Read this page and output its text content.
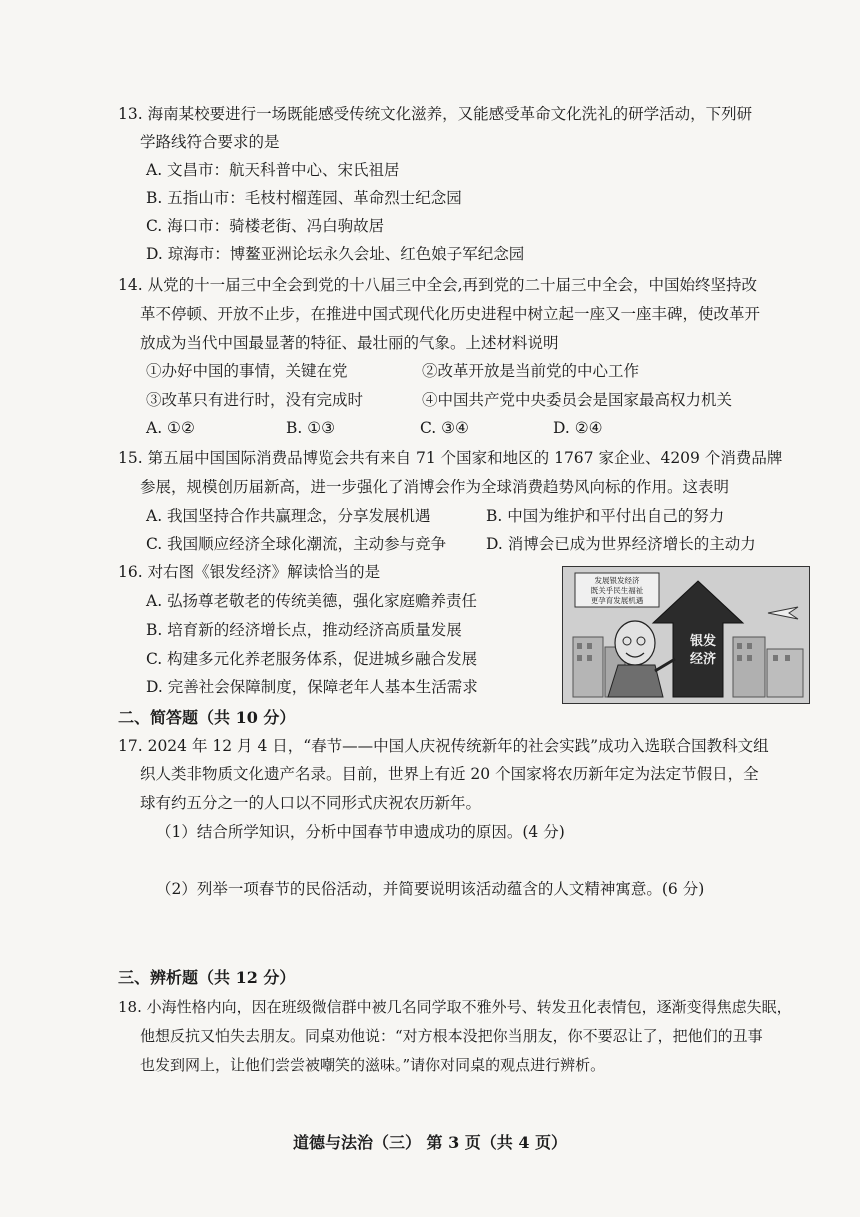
13. 海南某校要进行一场既能感受传统文化滋养，又能感受革命文化洗礼的研学活动，下列研
学路线符合要求的是
A. 文昌市：航天科普中心、宋氏祖居
B. 五指山市：毛枝村榴莲园、革命烈士纪念园
C. 海口市：骑楼老街、冯白驹故居
D. 琼海市：博鳌亚洲论坛永久会址、红色娘子军纪念园
14. 从党的十一届三中全会到党的十八届三中全会,再到党的二十届三中全会，中国始终坚持改
革不停顿、开放不止步，在推进中国式现代化历史进程中树立起一座又一座丰碑，使改革开
放成为当代中国最显著的特征、最壮丽的气象。上述材料说明
①办好中国的事情，关键在党	②改革开放是当前党的中心工作
③改革只有进行时，没有完成时	④中国共产党中央委员会是国家最高权力机关
A. ①②	B. ①③	C. ③④	D. ②④
15. 第五届中国国际消费品博览会共有来自 71 个国家和地区的 1767 家企业、4209 个消费品牌
参展，规模创历届新高，进一步强化了消博会作为全球消费趋势风向标的作用。这表明
A. 我国坚持合作共赢理念，分享发展机遇	B. 中国为维护和平付出自己的努力
C. 我国顺应经济全球化潮流，主动参与竞争	D. 消博会已成为世界经济增长的主动力
16. 对右图《银发经济》解读恰当的是
A. 弘扬尊老敬老的传统美德，强化家庭赡养责任
B. 培育新的经济增长点，推动经济高质量发展
C. 构建多元化养老服务体系，促进城乡融合发展
D. 完善社会保障制度，保障老年人基本生活需求
发展银发经济
既关乎民生福祉
更孕育发展机遇
银发
经济
二、简答题（共 10 分）
17. 2024 年 12 月 4 日，“春节——中国人庆祝传统新年的社会实践”成功入选联合国教科文组
织人类非物质文化遗产名录。目前，世界上有近 20 个国家将农历新年定为法定节假日，全
球有约五分之一的人口以不同形式庆祝农历新年。
（1）结合所学知识，分析中国春节申遗成功的原因。(4 分)
（2）列举一项春节的民俗活动，并简要说明该活动蕴含的人文精神寓意。(6 分)
三、辨析题（共 12 分）
18. 小海性格内向，因在班级微信群中被几名同学取不雅外号、转发丑化表情包，逐渐变得焦虑失眠，
他想反抗又怕失去朋友。同桌劝他说：“对方根本没把你当朋友，你不要忍让了，把他们的丑事
也发到网上，让他们尝尝被嘲笑的滋味。”请你对同桌的观点进行辨析。
道德与法治（三） 第 3 页（共 4 页）
